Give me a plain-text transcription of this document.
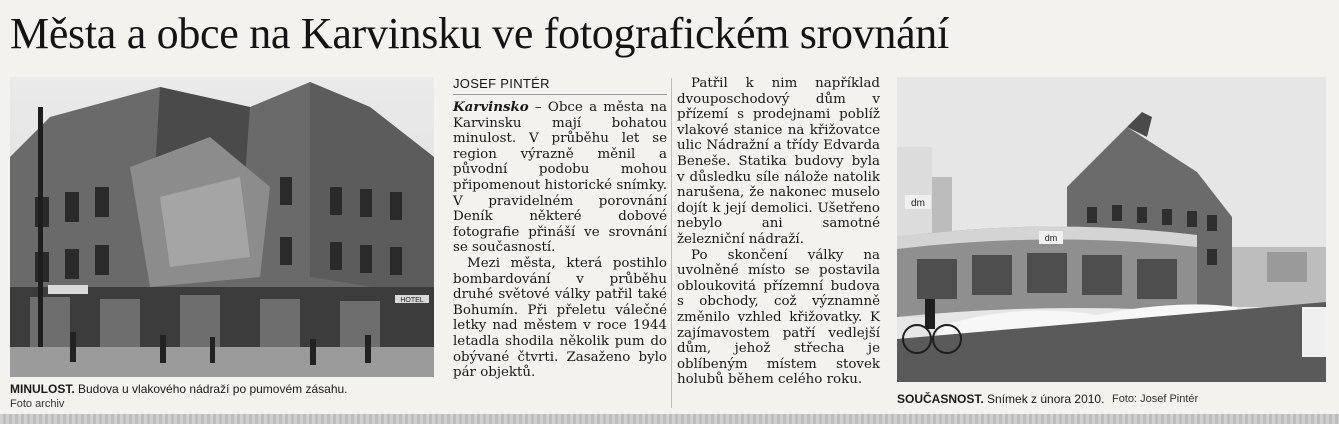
Města a obce na Karvinsku ve fotografickém srovnání
HOTEL
MINULOST. Budova u vlakového nádraží po pumovém zásahu.
Foto archiv
JOSEF PINTÉR

Karvinsko – Obce a města na Karvinsku mají bohatou minulost. V průběhu let se region výrazně měnil a původní podobu mohou připomenout historické snímky. V pravidelném porovnání Deník některé dobové fotografie přináší ve srovnání se současností.

Mezi města, která postihlo bombardování v průběhu druhé světové války patřil také Bohumín. Při přeletu válečné letky nad městem v roce 1944 letadla shodila několik pum do obývané čtvrti. Zasaženo bylo pár objektů.

Patřil k nim například dvouposchodový dům v přízemí s prodejnami poblíž vlakové stanice na křižovatce ulic Nádražní a třídy Edvarda Beneše. Statika budovy byla v důsledku síle nálože natolik narušena, že nakonec muselo dojít k její demolici. Ušetřeno nebylo ani samotné železniční nádraží.

Po skončení války na uvolněné místo se postavila obloukovitá přízemní budova s obchody, což významně změnilo vzhled křižovatky. K zajímavostem patří vedlejší dům, jehož střecha je oblíbeným místem stovek holubů během celého roku.

dm
dm
SOUČASNOST. Snímek z února 2010. Foto: Josef Pintér
